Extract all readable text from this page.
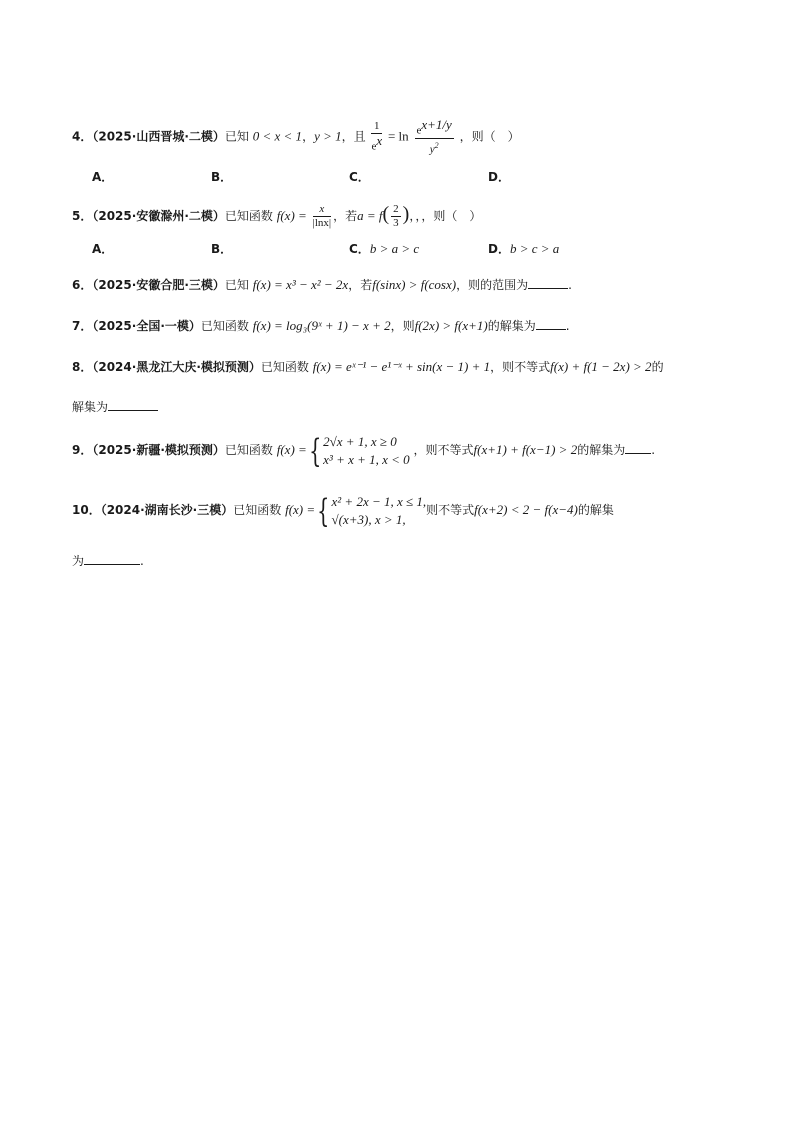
4．（2025·山西晋城·二模）已知 0 < x < 1，y > 1，且 $\frac{1}{e^x} = \ln \frac{e^{x+1/y}}{y^2}$ ，则（　）
A．	B．	C．	D．
5．（2025·安徽滁州·二模）已知函数 $f(x) = \frac{x}{|\ln x|}$ ，若$a = f( \frac{2}{3}$ )，，，则（　）
A．	B．	C．b > a > c	D．b > c > a
6．（2025·安徽合肥·三模）已知 f(x) = x³ − x² − 2x，若f(sinx) > f(cosx)，则的范围为	.
7．（2025·全国·一模）已知函数 f(x) = log₃(9ˣ + 1) − x + 2，则f(2x) > f(x+1)的解集为	.
8．（2024·黑龙江大庆·模拟预测）已知函数 f(x) = eˣ⁻¹ − e¹⁻ˣ + sin(x − 1) + 1，则不等式f(x) + f(1 − 2x) > 2的
解集为
9．（2025·新疆·模拟预测）已知函数 f(x) ={ 2√x + 1, x ≥ 0
x³ + x + 1, x < 0
，则不等式f(x+1) + f(x−1) > 2的解集为 .
10．（2024·湖南长沙·三模）已知函数 f(x) ={ x² + 2x − 1, x ≤ 1,
√(x+3), x > 1,
则不等式f(x+2) < 2 − f(x−4)的解集
为	.
